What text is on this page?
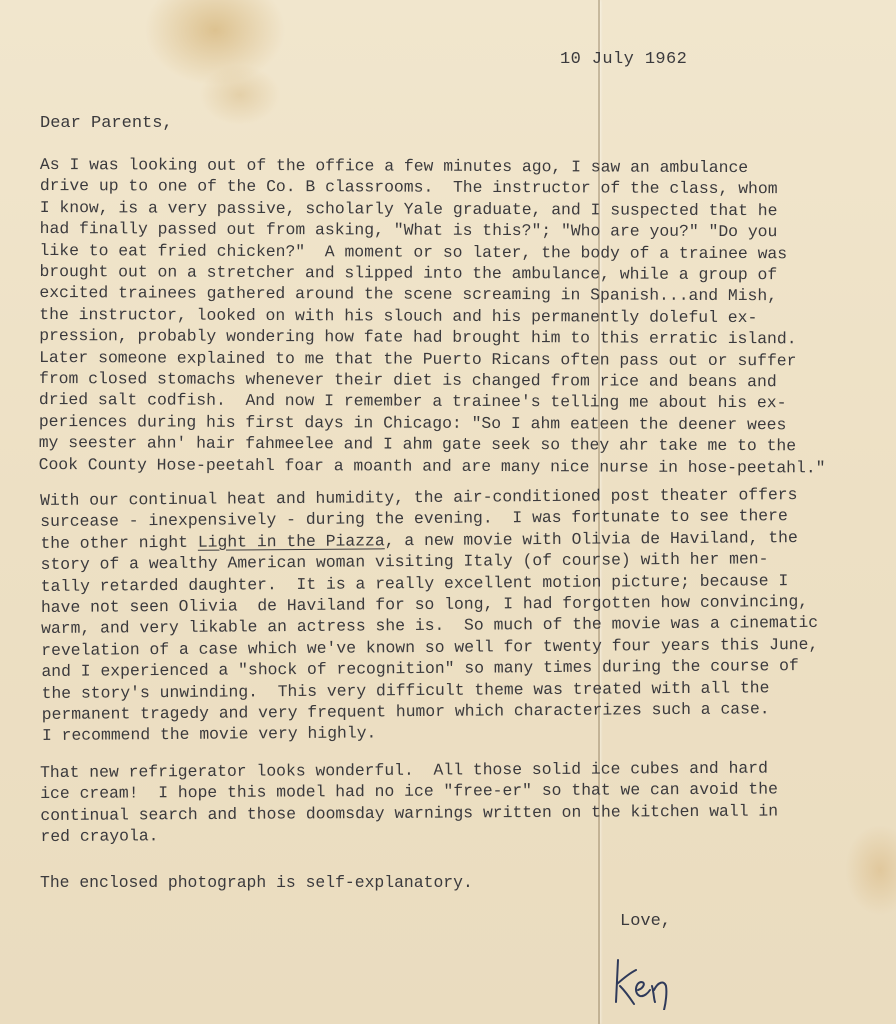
10 July 1962
Dear Parents,
As I was looking out of the office a few minutes ago, I saw an ambulance
drive up to one of the Co. B classrooms.  The instructor of the class, whom
I know, is a very passive, scholarly Yale graduate, and I suspected that he
had finally passed out from asking, "What is this?"; "Who are you?" "Do you
like to eat fried chicken?"  A moment or so later, the body of a trainee was
brought out on a stretcher and slipped into the ambulance, while a group of
excited trainees gathered around the scene screaming in Spanish...and Mish,
the instructor, looked on with his slouch and his permanently doleful ex-
pression, probably wondering how fate had brought him to this erratic island.
Later someone explained to me that the Puerto Ricans often pass out or suffer
from closed stomachs whenever their diet is changed from rice and beans and
dried salt codfish.  And now I remember a trainee's telling me about his ex-
periences during his first days in Chicago: "So I ahm eateen the deener wees
my seester ahn' hair fahmeelee and I ahm gate seek so they ahr take me to the
Cook County Hose-peetahl foar a moanth and are many nice nurse in hose-peetahl."
With our continual heat and humidity, the air-conditioned post theater offers
surcease - inexpensively - during the evening.  I was fortunate to see there
the other night Light in the Piazza, a new movie with Olivia de Haviland, the
story of a wealthy American woman visiting Italy (of course) with her men-
tally retarded daughter.  It is a really excellent motion picture; because I
have not seen Olivia  de Haviland for so long, I had forgotten how convincing,
warm, and very likable an actress she is.  So much of the movie was a cinematic
revelation of a case which we've known so well for twenty four years this June,
and I experienced a "shock of recognition" so many times during the course of
the story's unwinding.  This very difficult theme was treated with all the
permanent tragedy and very frequent humor which characterizes such a case.
I recommend the movie very highly.
That new refrigerator looks wonderful.  All those solid ice cubes and hard
ice cream!  I hope this model had no ice "free-er" so that we can avoid the
continual search and those doomsday warnings written on the kitchen wall in
red crayola.
The enclosed photograph is self-explanatory.
Love,
